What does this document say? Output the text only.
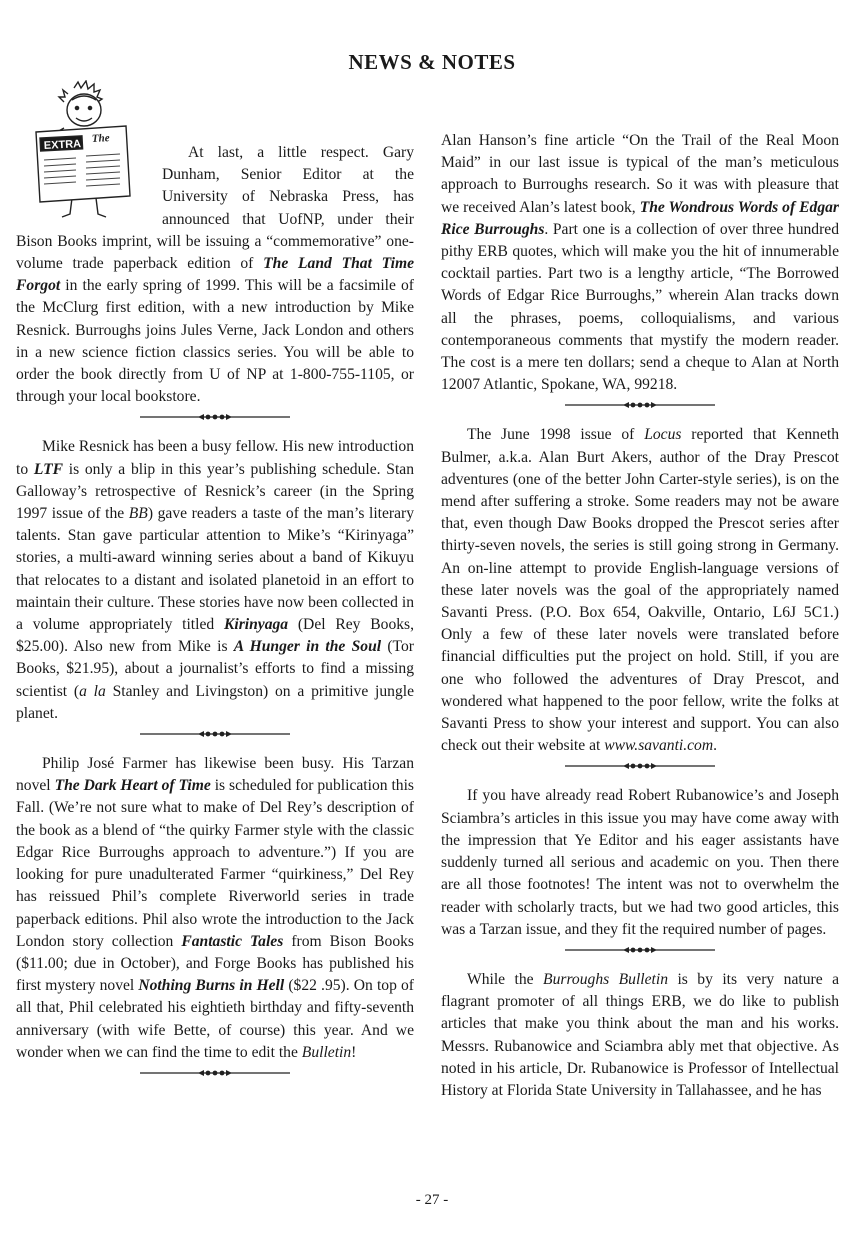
NEWS & NOTES
EXTRA The

At last, a little respect. Gary Dunham, Senior Editor at the University of Nebraska Press, has announced that UofNP, under their Bison Books imprint, will be issuing a “commemorative” one-volume trade paperback edition of The Land That Time Forgot in the early spring of 1999. This will be a facsimile of the McClurg first edition, with a new introduction by Mike Resnick. Burroughs joins Jules Verne, Jack London and others in a new science fiction classics series. You will be able to order the book directly from U of NP at 1-800-755-1105, or through your local bookstore.

Mike Resnick has been a busy fellow. His new introduction to LTF is only a blip in this year’s publishing schedule. Stan Galloway’s retrospective of Resnick’s career (in the Spring 1997 issue of the BB) gave readers a taste of the man’s literary talents. Stan gave particular attention to Mike’s “Kirinyaga” stories, a multi-award winning series about a band of Kikuyu that relocates to a distant and isolated planetoid in an effort to maintain their culture. These stories have now been collected in a volume appropriately titled Kirinyaga (Del Rey Books, $25.00). Also new from Mike is A Hunger in the Soul (Tor Books, $21.95), about a journalist’s efforts to find a missing scientist (a la Stanley and Livingston) on a primitive jungle planet.

Philip José Farmer has likewise been busy. His Tarzan novel The Dark Heart of Time is scheduled for publication this Fall. (We’re not sure what to make of Del Rey’s description of the book as a blend of “the quirky Farmer style with the classic Edgar Rice Burroughs approach to adventure.”) If you are looking for pure unadulterated Farmer “quirkiness,” Del Rey has reissued Phil’s complete Riverworld series in trade paperback editions. Phil also wrote the introduction to the Jack London story collection Fantastic Tales from Bison Books ($11.00; due in October), and Forge Books has published his first mystery novel Nothing Burns in Hell ($22 .95). On top of all that, Phil celebrated his eightieth birthday and fifty-seventh anniversary (with wife Bette, of course) this year. And we wonder when we can find the time to edit the Bulletin!

Alan Hanson’s fine article “On the Trail of the Real Moon Maid” in our last issue is typical of the man’s meticulous approach to Burroughs research. So it was with pleasure that we received Alan’s latest book, The Wondrous Words of Edgar Rice Burroughs. Part one is a collection of over three hundred pithy ERB quotes, which will make you the hit of innumerable cocktail parties. Part two is a lengthy article, “The Borrowed Words of Edgar Rice Burroughs,” wherein Alan tracks down all the phrases, poems, colloquialisms, and various contemporaneous comments that mystify the modern reader. The cost is a mere ten dollars; send a cheque to Alan at North 12007 Atlantic, Spokane, WA, 99218.

The June 1998 issue of Locus reported that Kenneth Bulmer, a.k.a. Alan Burt Akers, author of the Dray Prescot adventures (one of the better John Carter-style series), is on the mend after suffering a stroke. Some readers may not be aware that, even though Daw Books dropped the Prescot series after thirty-seven novels, the series is still going strong in Germany. An on-line attempt to provide English-language versions of these later novels was the goal of the appropriately named Savanti Press. (P.O. Box 654, Oakville, Ontario, L6J 5C1.) Only a few of these later novels were translated before financial difficulties put the project on hold. Still, if you are one who followed the adventures of Dray Prescot, and wondered what happened to the poor fellow, write the folks at Savanti Press to show your interest and support. You can also check out their website at www.savanti.com.

If you have already read Robert Rubanowice’s and Joseph Sciambra’s articles in this issue you may have come away with the impression that Ye Editor and his eager assistants have suddenly turned all serious and academic on you. Then there are all those footnotes! The intent was not to overwhelm the reader with scholarly tracts, but we had two good articles, this was a Tarzan issue, and they fit the required number of pages.

While the Burroughs Bulletin is by its very nature a flagrant promoter of all things ERB, we do like to publish articles that make you think about the man and his works. Messrs. Rubanowice and Sciambra ably met that objective. As noted in his article, Dr. Rubanowice is Professor of Intellectual History at Florida State University in Tallahassee, and he has

- 27 -
